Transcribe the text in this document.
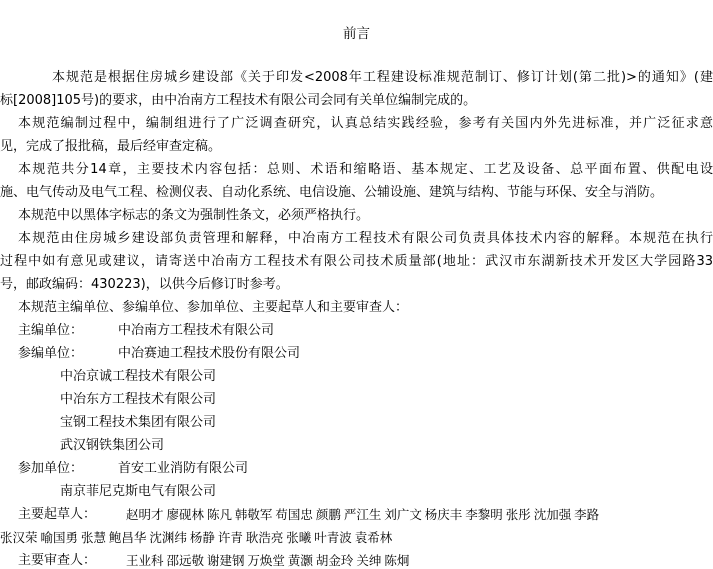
前言
本规范是根据住房城乡建设部《关于印发<2008年工程建设标准规范制订、修订计划(第二批)>的通知》(建
标[2008]105号)的要求，由中冶南方工程技术有限公司会同有关单位编制完成的。
本规范编制过程中，编制组进行了广泛调查研究，认真总结实践经验，参考有关国内外先进标准，并广泛征求意
见，完成了报批稿，最后经审查定稿。
本规范共分14章，主要技术内容包括：总则、术语和缩略语、基本规定、工艺及设备、总平面布置、供配电设
施、电气传动及电气工程、检测仪表、自动化系统、电信设施、公辅设施、建筑与结构、节能与环保、安全与消防。
本规范中以黑体字标志的条文为强制性条文，必须严格执行。
本规范由住房城乡建设部负责管理和解释，中冶南方工程技术有限公司负责具体技术内容的解释。本规范在执行
过程中如有意见或建议，请寄送中冶南方工程技术有限公司技术质量部(地址：武汉市东湖新技术开发区大学园路33
号，邮政编码：430223)，以供今后修订时参考。
本规范主编单位、参编单位、参加单位、主要起草人和主要审查人：
主编单位：	中冶南方工程技术有限公司
参编单位：	中冶赛迪工程技术股份有限公司
中冶京诚工程技术有限公司
中冶东方工程技术有限公司
宝钢工程技术集团有限公司
武汉钢铁集团公司
参加单位：	首安工业消防有限公司
南京菲尼克斯电气有限公司
主要起草人： 赵明才 廖砚林 陈凡 韩敬军 苟国忠 颜鹏 严江生 刘广文 杨庆丰 李黎明 张彤 沈加强 李路
张汉荣 喻国勇 张慧 鲍昌华 沈渊纬 杨静 许青 耿浩亮 张曦 叶青波 袁希林
主要审查人： 王业科 邵远敬 谢建钢 万焕堂 黄灏 胡金玲 关绅 陈炯
